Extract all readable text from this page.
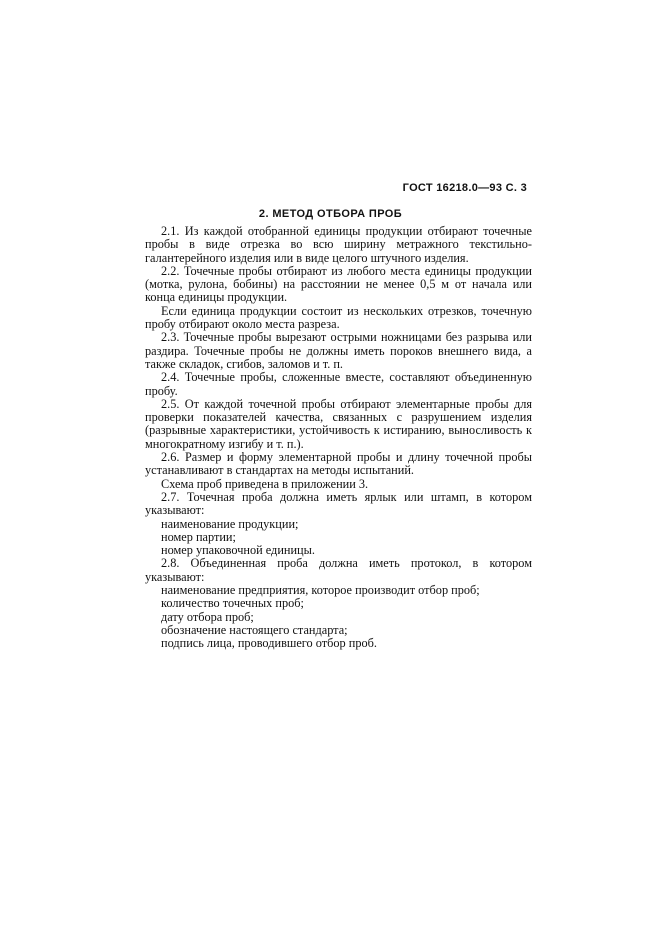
ГОСТ 16218.0—93 С. 3
2. МЕТОД ОТБОРА ПРОБ

2.1. Из каждой отобранной единицы продукции отбирают точечные пробы в виде отрезка во всю ширину метражного текстильно-галантерейного изделия или в виде целого штучного изделия.

2.2. Точечные пробы отбирают из любого места единицы продукции (мотка, рулона, бобины) на расстоянии не менее 0,5 м от начала или конца единицы продукции.

Если единица продукции состоит из нескольких отрезков, точечную пробу отбирают около места разреза.

2.3. Точечные пробы вырезают острыми ножницами без разрыва или раздира. Точечные пробы не должны иметь пороков внешнего вида, а также складок, сгибов, заломов и т. п.

2.4. Точечные пробы, сложенные вместе, составляют объединенную пробу.

2.5. От каждой точечной пробы отбирают элементарные пробы для проверки показателей качества, связанных с разрушением изделия (разрывные характеристики, устойчивость к истиранию, выносливость к многократному изгибу и т. п.).

2.6. Размер и форму элементарной пробы и длину точечной пробы устанавливают в стандартах на методы испытаний.

Схема проб приведена в приложении 3.

2.7. Точечная проба должна иметь ярлык или штамп, в котором указывают:

наименование продукции;
номер партии;
номер упаковочной единицы.

2.8. Объединенная проба должна иметь протокол, в котором указывают:

наименование предприятия, которое производит отбор проб;
количество точечных проб;
дату отбора проб;
обозначение настоящего стандарта;
подпись лица, проводившего отбор проб.
